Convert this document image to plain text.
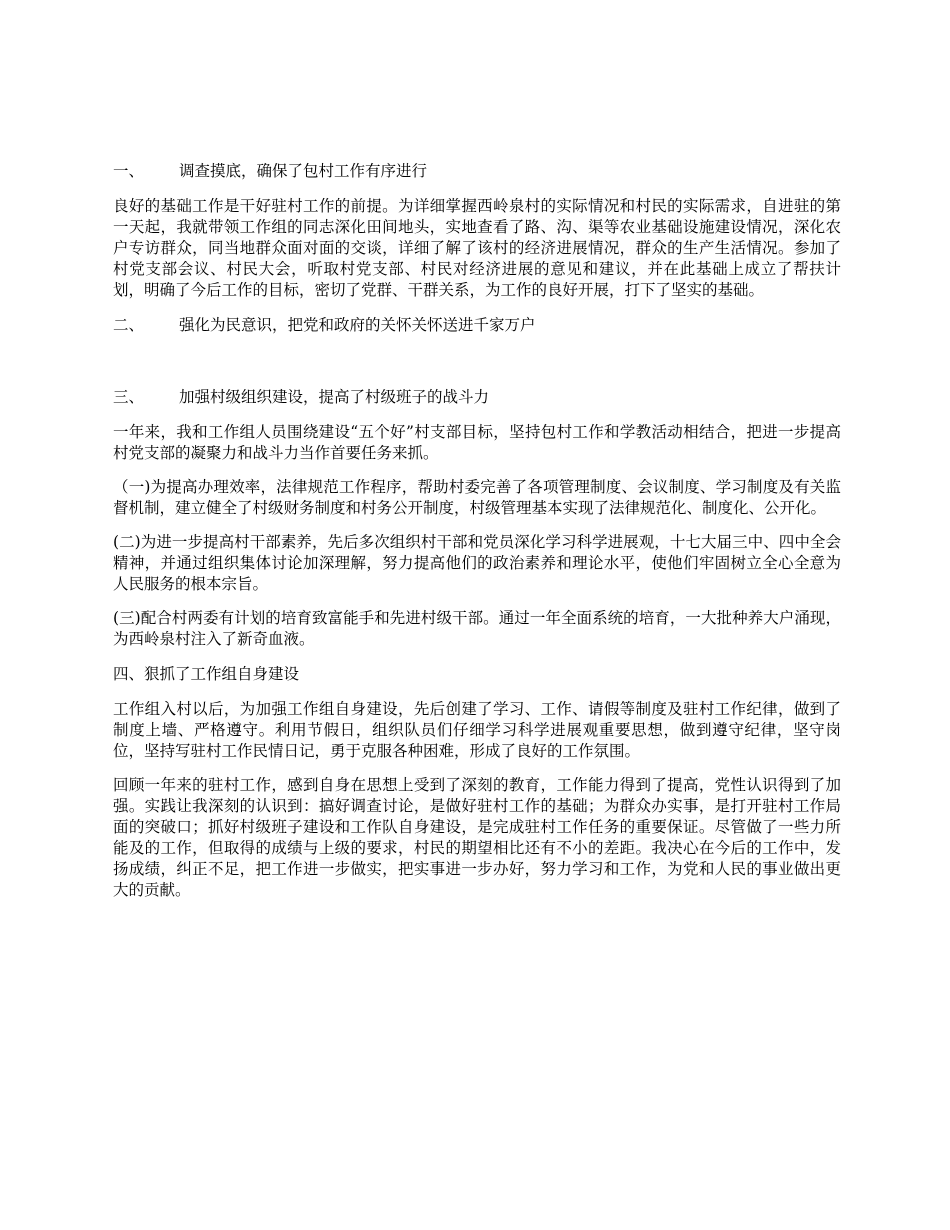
一、 调查摸底，确保了包村工作有序进行

良好的基础工作是干好驻村工作的前提。为详细掌握西岭泉村的实际情况和村民的实际需求，自进驻的第一天起，我就带领工作组的同志深化田间地头，实地查看了路、沟、渠等农业基础设施建设情况，深化农户专访群众，同当地群众面对面的交谈，详细了解了该村的经济进展情况，群众的生产生活情况。参加了村党支部会议、村民大会，听取村党支部、村民对经济进展的意见和建议，并在此基础上成立了帮扶计划，明确了今后工作的目标，密切了党群、干群关系，为工作的良好开展，打下了坚实的基础。

二、 强化为民意识，把党和政府的关怀关怀送进千家万户
三、 加强村级组织建设，提高了村级班子的战斗力

一年来，我和工作组人员围绕建设“五个好”村支部目标，坚持包村工作和学教活动相结合，把进一步提高村党支部的凝聚力和战斗力当作首要任务来抓。

（一)为提高办理效率，法律规范工作程序，帮助村委完善了各项管理制度、会议制度、学习制度及有关监督机制，建立健全了村级财务制度和村务公开制度，村级管理基本实现了法律规范化、制度化、公开化。

(二)为进一步提高村干部素养，先后多次组织村干部和党员深化学习科学进展观，十七大届三中、四中全会精神，并通过组织集体讨论加深理解，努力提高他们的政治素养和理论水平，使他们牢固树立全心全意为人民服务的根本宗旨。

(三)配合村两委有计划的培育致富能手和先进村级干部。通过一年全面系统的培育，一大批种养大户涌现，为西岭泉村注入了新奇血液。

四、狠抓了工作组自身建设

工作组入村以后，为加强工作组自身建设，先后创建了学习、工作、请假等制度及驻村工作纪律，做到了制度上墙、严格遵守。利用节假日，组织队员们仔细学习科学进展观重要思想，做到遵守纪律，坚守岗位，坚持写驻村工作民情日记，勇于克服各种困难，形成了良好的工作氛围。

回顾一年来的驻村工作，感到自身在思想上受到了深刻的教育，工作能力得到了提高，党性认识得到了加强。实践让我深刻的认识到：搞好调查讨论，是做好驻村工作的基础；为群众办实事，是打开驻村工作局面的突破口；抓好村级班子建设和工作队自身建设，是完成驻村工作任务的重要保证。尽管做了一些力所能及的工作，但取得的成绩与上级的要求，村民的期望相比还有不小的差距。我决心在今后的工作中，发扬成绩，纠正不足，把工作进一步做实，把实事进一步办好，努力学习和工作，为党和人民的事业做出更大的贡献。
